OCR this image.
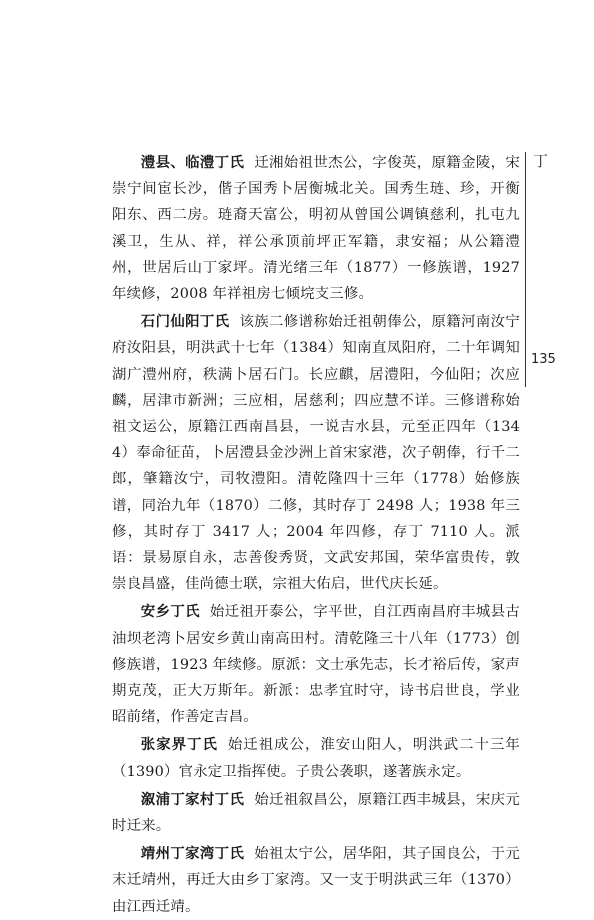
澧县、临澧丁氏 迁湘始祖世杰公，字俊英，原籍金陵，宋崇宁间宦长沙，偕子国秀卜居衡城北关。国秀生琏、珍，开衡阳东、西二房。琏裔天富公，明初从曾国公调镇慈利，扎屯九溪卫，生从、祥，祥公承顶前坪正军籍，隶安福；从公籍澧州，世居后山丁家坪。清光绪三年（1877）一修族谱，1927 年续修，2008 年祥祖房七倾垸支三修。

石门仙阳丁氏 该族二修谱称始迁祖朝俸公，原籍河南汝宁府汝阳县，明洪武十七年（1384）知南直凤阳府，二十年调知湖广澧州府，秩满卜居石门。长应麒，居澧阳，今仙阳；次应麟，居津市新洲；三应相，居慈利；四应慧不详。三修谱称始祖文运公，原籍江西南昌县，一说吉水县，元至正四年（1344）奉命征苗，卜居澧县金沙洲上首宋家港，次子朝俸，行千二郎，肇籍汝宁，司牧澧阳。清乾隆四十三年（1778）始修族谱，同治九年（1870）二修，其时存丁 2498 人；1938 年三修，其时存丁 3417 人；2004 年四修，存丁 7110 人。派语：景易原自永，志善俊秀贤，文武安邦国，荣华富贵传，敦崇良昌盛，佳尚德士联，宗祖大佑启，世代庆长延。

安乡丁氏 始迁祖开泰公，字平世，自江西南昌府丰城县古油坝老湾卜居安乡黄山南高田村。清乾隆三十八年（1773）创修族谱，1923 年续修。原派：文士承先志，长才裕后传，家声期克茂，正大万斯年。新派：忠孝宜时守，诗书启世良，学业昭前绪，作善定吉昌。

张家界丁氏 始迁祖成公，淮安山阳人，明洪武二十三年（1390）官永定卫指挥使。子贵公袭职，遂著族永定。

溆浦丁家村丁氏 始迁祖叙昌公，原籍江西丰城县，宋庆元时迁来。

靖州丁家湾丁氏 始祖太宁公，居华阳，其子国良公，于元末迁靖州，再迁大由乡丁家湾。又一支于明洪武三年（1370）由江西迁靖。

丁
135
